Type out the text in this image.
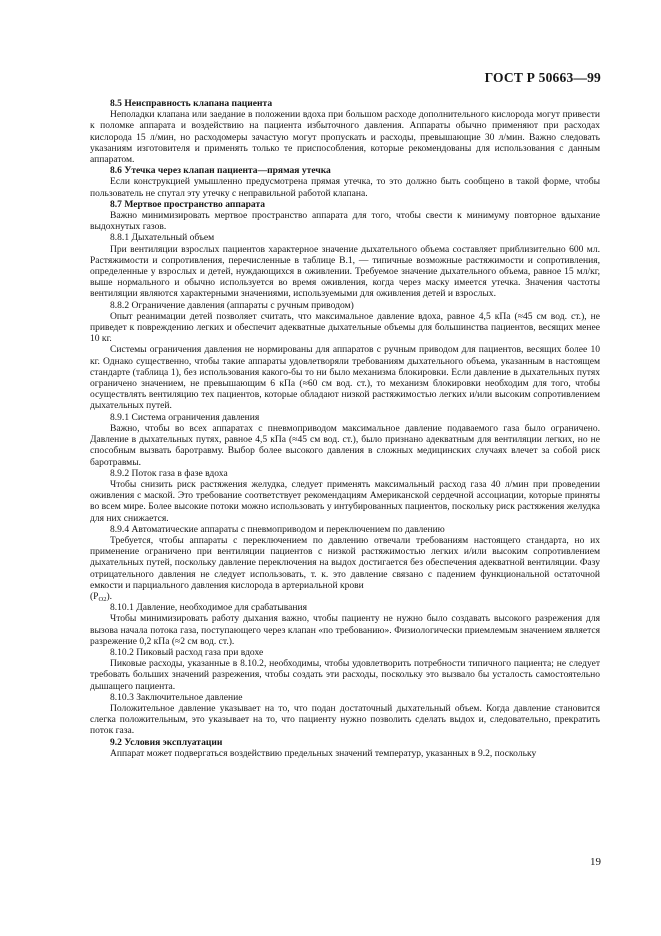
ГОСТ Р 50663—99

8.5 Неисправность клапана пациента

Неполадки клапана или заедание в положении вдоха при большом расходе дополнительного кислорода могут привести к поломке аппарата и воздействию на пациента избыточного давления. Аппараты обычно применяют при расходах кислорода 15 л/мин, но расходомеры зачастую могут пропускать и расходы, превышающие 30 л/мин. Важно следовать указаниям изготовителя и применять только те приспособления, которые рекомендованы для использования с данным аппаратом.

8.6 Утечка через клапан пациента—прямая утечка

Если конструкцией умышленно предусмотрена прямая утечка, то это должно быть сообщено в такой форме, чтобы пользователь не спутал эту утечку с неправильной работой клапана.

8.7 Мертвое пространство аппарата

Важно минимизировать мертвое пространство аппарата для того, чтобы свести к минимуму повторное вдыхание выдохнутых газов.

8.8.1 Дыхательный объем

При вентиляции взрослых пациентов характерное значение дыхательного объема составляет приблизительно 600 мл. Растяжимости и сопротивления, перечисленные в таблице В.1, — типичные возможные растяжимости и сопротивления, определенные у взрослых и детей, нуждающихся в оживлении. Требуемое значение дыхательного объема, равное 15 мл/кг, выше нормального и обычно используется во время оживления, когда через маску имеется утечка. Значения частоты вентиляции являются характерными значениями, используемыми для оживления детей и взрослых.

8.8.2 Ограничение давления (аппараты с ручным приводом)

Опыт реанимации детей позволяет считать, что максимальное давление вдоха, равное 4,5 кПа (≈45 см вод. ст.), не приведет к повреждению легких и обеспечит адекватные дыхательные объемы для большинства пациентов, весящих менее 10 кг.

Системы ограничения давления не нормированы для аппаратов с ручным приводом для пациентов, весящих более 10 кг. Однако существенно, чтобы такие аппараты удовлетворяли требованиям дыхательного объема, указанным в настоящем стандарте (таблица 1), без использования какого-бы то ни было механизма блокировки. Если давление в дыхательных путях ограничено значением, не превышающим 6 кПа (≈60 см вод. ст.), то механизм блокировки необходим для того, чтобы осуществлять вентиляцию тех пациентов, которые обладают низкой растяжимостью легких и/или высоким сопротивлением дыхательных путей.

8.9.1 Система ограничения давления

Важно, чтобы во всех аппаратах с пневмоприводом максимальное давление подаваемого газа было ограничено. Давление в дыхательных путях, равное 4,5 кПа (≈45 см вод. ст.), было признано адекватным для вентиляции легких, но не способным вызвать баротравму. Выбор более высокого давления в сложных медицинских случаях влечет за собой риск баротравмы.

8.9.2 Поток газа в фазе вдоха

Чтобы снизить риск растяжения желудка, следует применять максимальный расход газа 40 л/мин при проведении оживления с маской. Это требование соответствует рекомендациям Американской сердечной ассоциации, которые приняты во всем мире. Более высокие потоки можно использовать у интубированных пациентов, поскольку риск растяжения желудка для них снижается.

8.9.4 Автоматические аппараты с пневмоприводом и переключением по давлению

Требуется, чтобы аппараты с переключением по давлению отвечали требованиям настоящего стандарта, но их применение ограничено при вентиляции пациентов с низкой растяжимостью легких и/или высоким сопротивлением дыхательных путей, поскольку давление переключения на выдох достигается без обеспечения адекватной вентиляции. Фазу отрицательного давления не следует использовать, т. к. это давление связано с падением функциональной остаточной емкости и парциального давления кислорода в артериальной крови

$(P_{O2})$.

8.10.1 Давление, необходимое для срабатывания

Чтобы минимизировать работу дыхания важно, чтобы пациенту не нужно было создавать высокого разрежения для вызова начала потока газа, поступающего через клапан «по требованию». Физиологически приемлемым значением является разрежение 0,2 кПа (≈2 см вод. ст.).

8.10.2 Пиковый расход газа при вдохе

Пиковые расходы, указанные в 8.10.2, необходимы, чтобы удовлетворить потребности типичного пациента; не следует требовать больших значений разрежения, чтобы создать эти расходы, поскольку это вызвало бы усталость самостоятельно дышащего пациента.

8.10.3 Заключительное давление

Положительное давление указывает на то, что подан достаточный дыхательный объем. Когда давление становится слегка положительным, это указывает на то, что пациенту нужно позволить сделать выдох и, следовательно, прекратить поток газа.

9.2 Условия эксплуатации

Аппарат может подвергаться воздействию предельных значений температур, указанных в 9.2, поскольку

19
